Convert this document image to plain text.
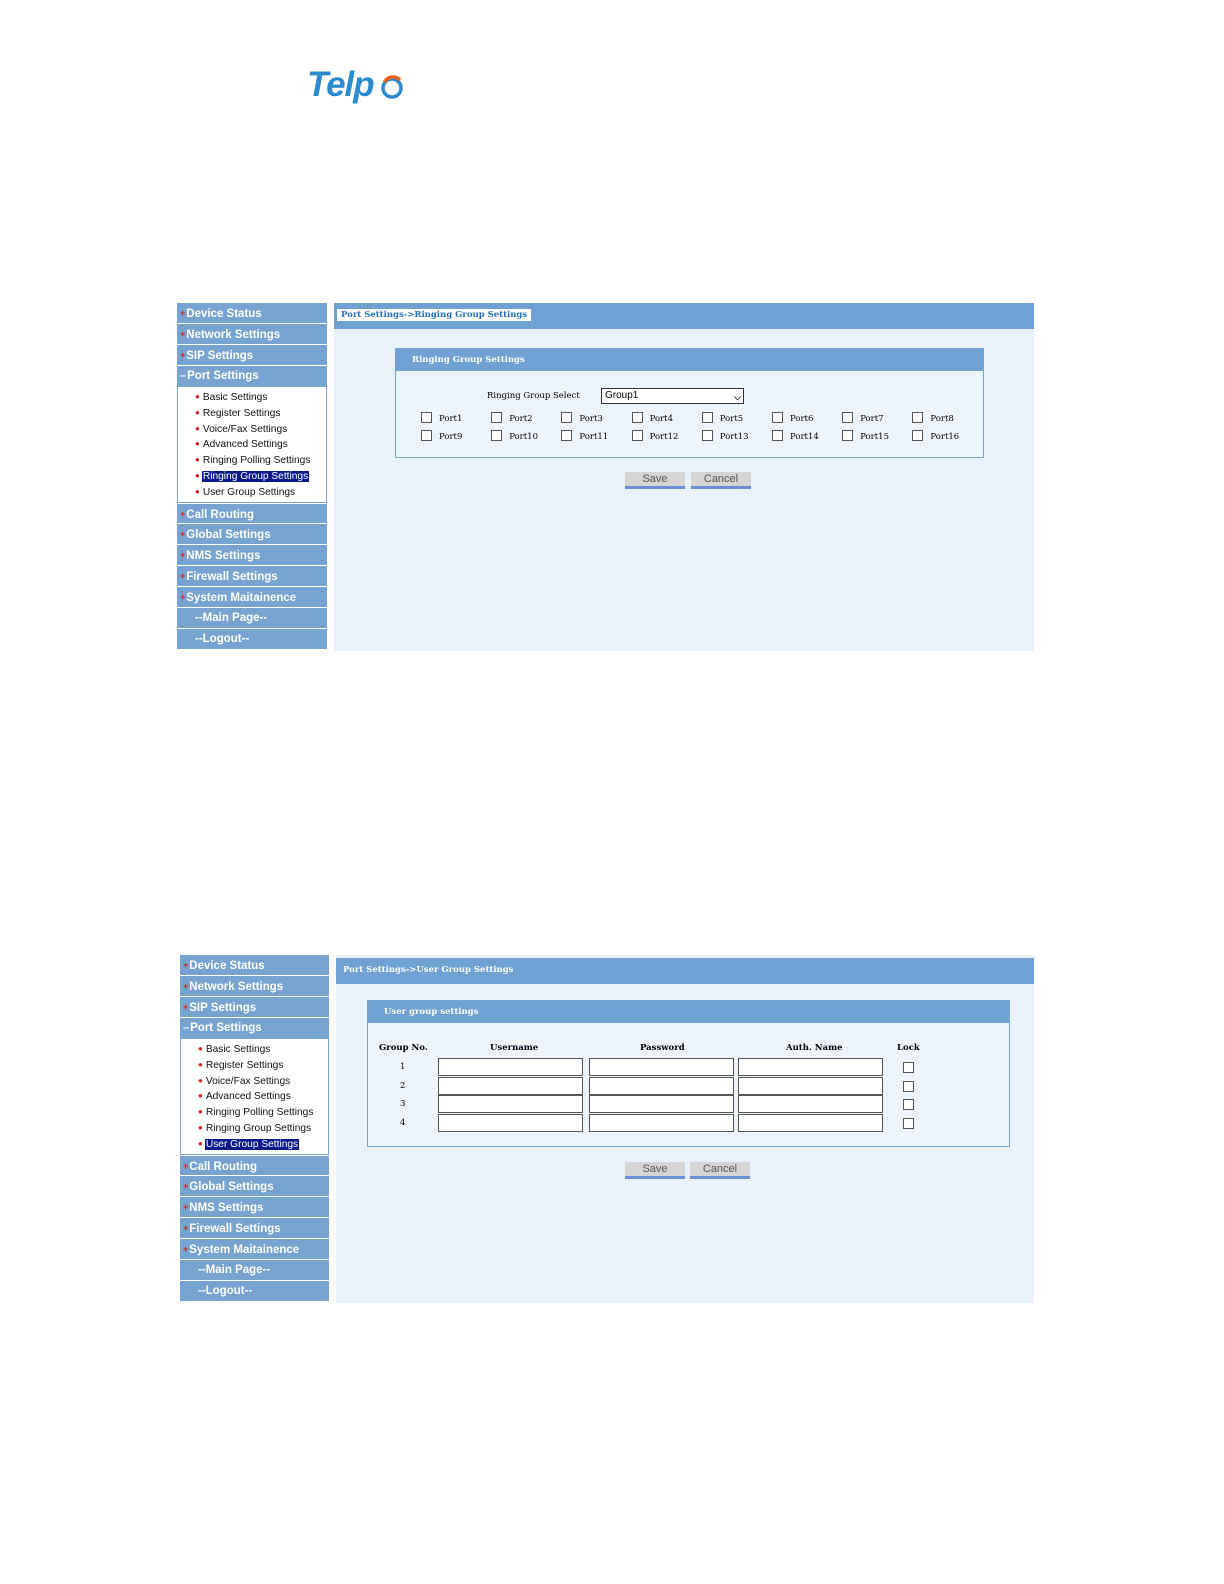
Telp
+Device Status
+Network Settings
+SIP Settings
–Port Settings
● Basic Settings
● Register Settings
● Voice/Fax Settings
● Advanced Settings
● Ringing Polling Settings
● Ringing Group Settings
● User Group Settings
+Call Routing
+Global Settings
+NMS Settings
+Firewall Settings
+System Maitainence
--Main Page--
--Logout--
Port Settings->Ringing Group Settings
Ringing Group Settings
Ringing Group Select	Group1	⌵
Port1	Port2	Port3	Port4	Port5	Port6	Port7	Port8
Port9	Port10	Port11	Port12	Port13	Port14	Port15	Port16
Save	Cancel
+Device Status
+Network Settings
+SIP Settings
–Port Settings
● Basic Settings
● Register Settings
● Voice/Fax Settings
● Advanced Settings
● Ringing Polling Settings
● Ringing Group Settings
● User Group Settings
+Call Routing
+Global Settings
+NMS Settings
+Firewall Settings
+System Maitainence
--Main Page--
--Logout--
Port Settings->User Group Settings
User group settings
Group No.	Username	Password	Auth. Name	Lock
1
2
3
4
Save	Cancel
